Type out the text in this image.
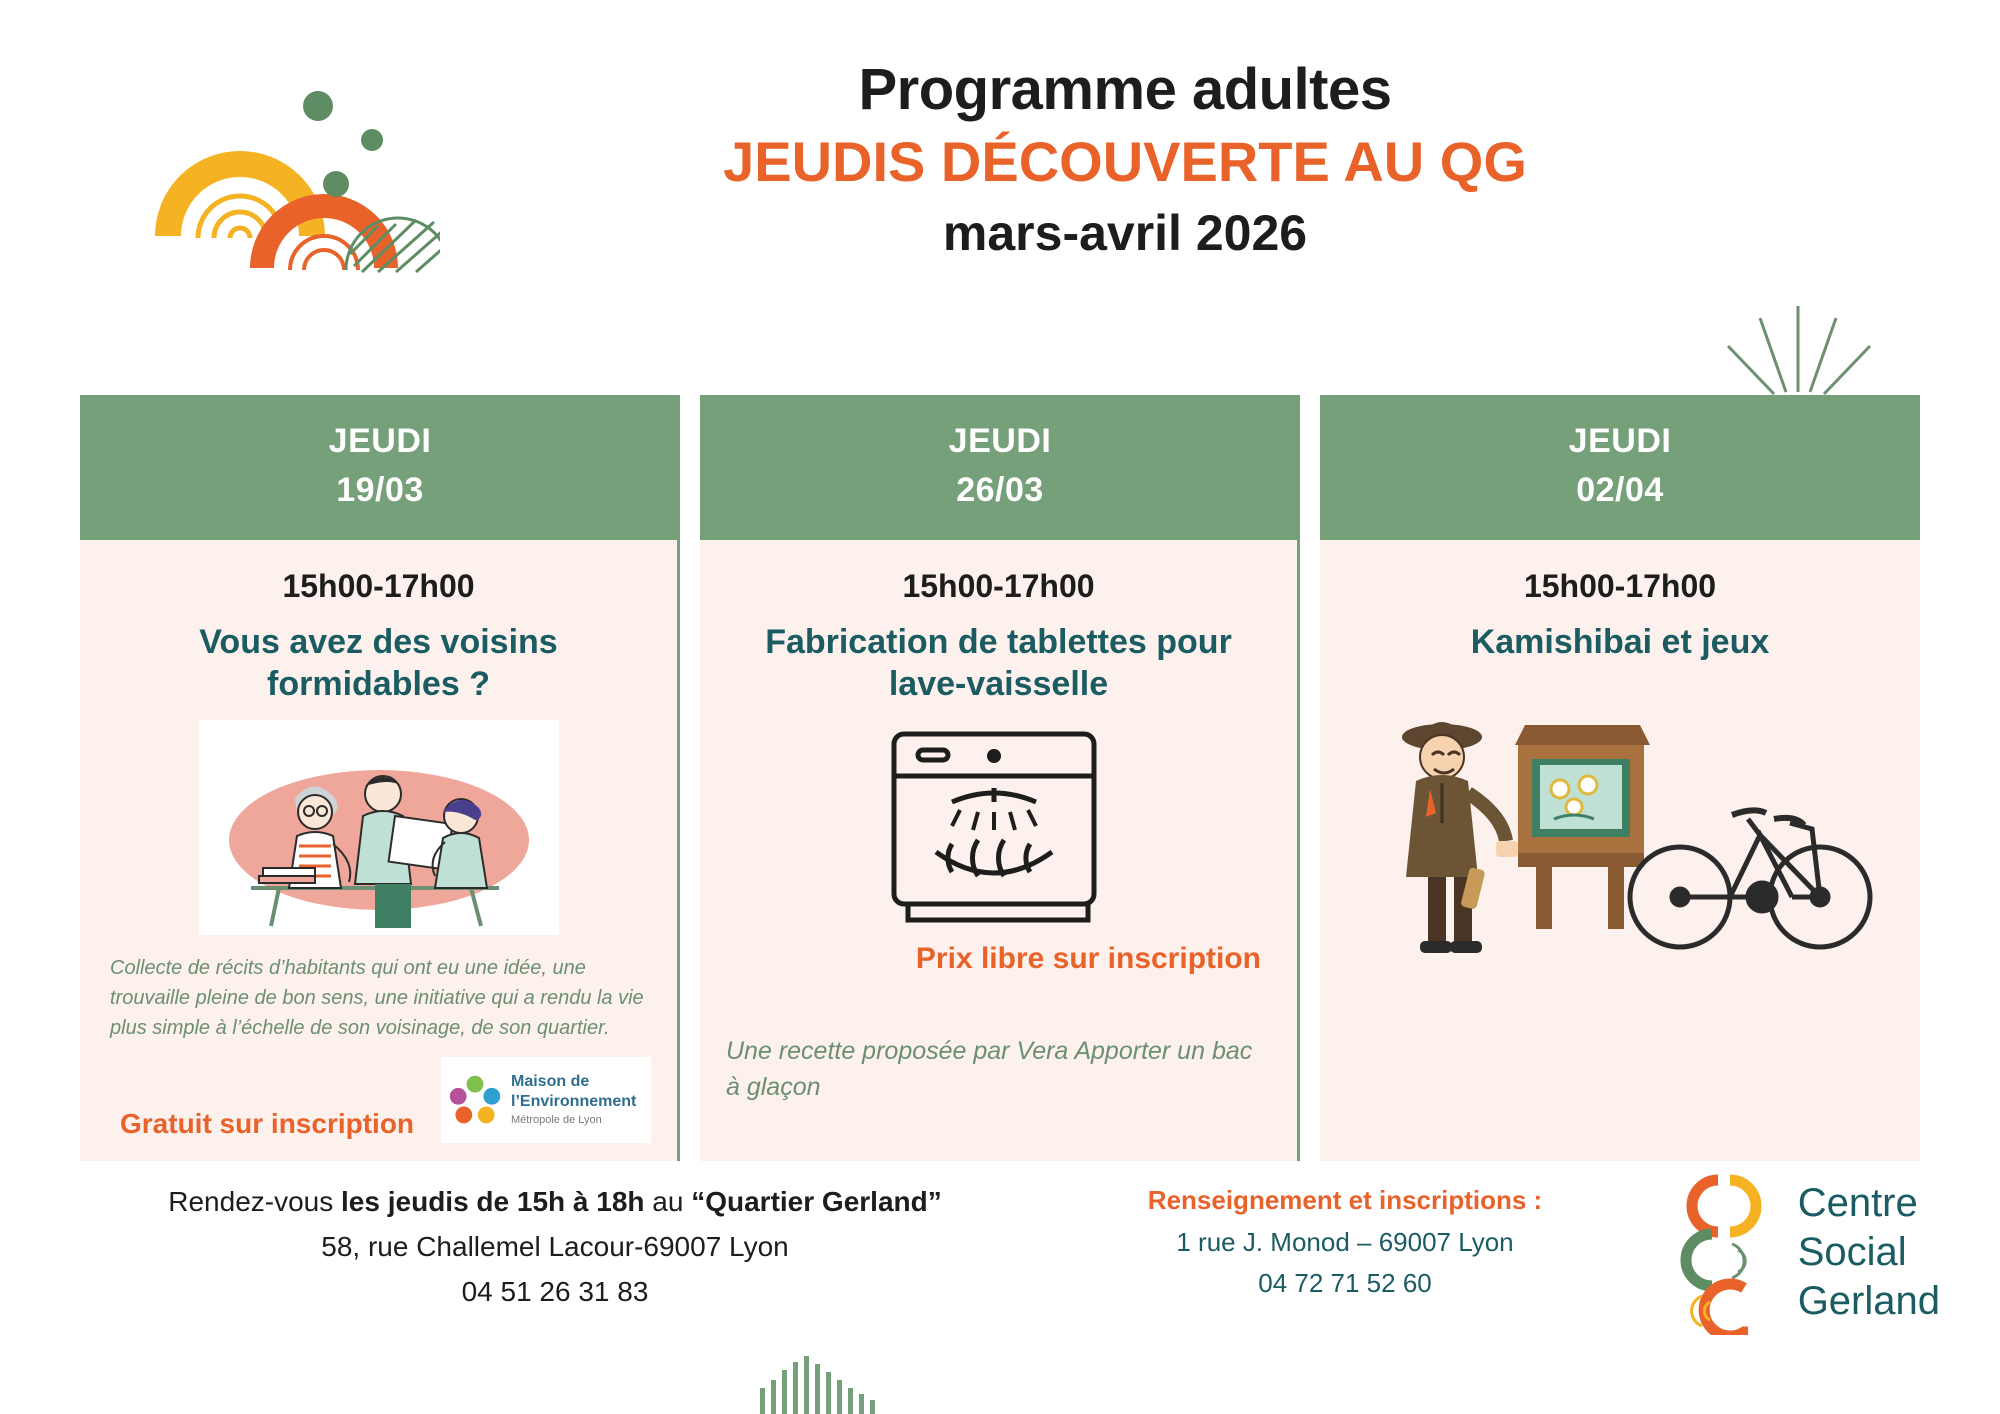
Programme adultes
JEUDIS DÉCOUVERTE AU QG
mars-avril 2026
JEUDI
19/03
15h00-17h00
Vous avez des voisins formidables ?
Collecte de récits d’habitants qui ont eu une idée, une trouvaille pleine de bon sens, une initiative qui a rendu la vie plus simple à l’échelle de son voisinage, de son quartier.
Gratuit sur inscription
Maison de
l’Environnement
Métropole de Lyon
JEUDI
26/03
15h00-17h00
Fabrication de tablettes pour lave-vaisselle
Prix libre sur inscription
Une recette proposée par Vera Apporter un bac à glaçon
JEUDI
02/04
15h00-17h00
Kamishibai et jeux
Rendez-vous les jeudis de 15h à 18h au “Quartier Gerland”
58, rue Challemel Lacour-69007 Lyon
04 51 26 31 83
Renseignement et inscriptions :
1 rue J. Monod – 69007 Lyon
04 72 71 52 60
Centre
Social
Gerland
